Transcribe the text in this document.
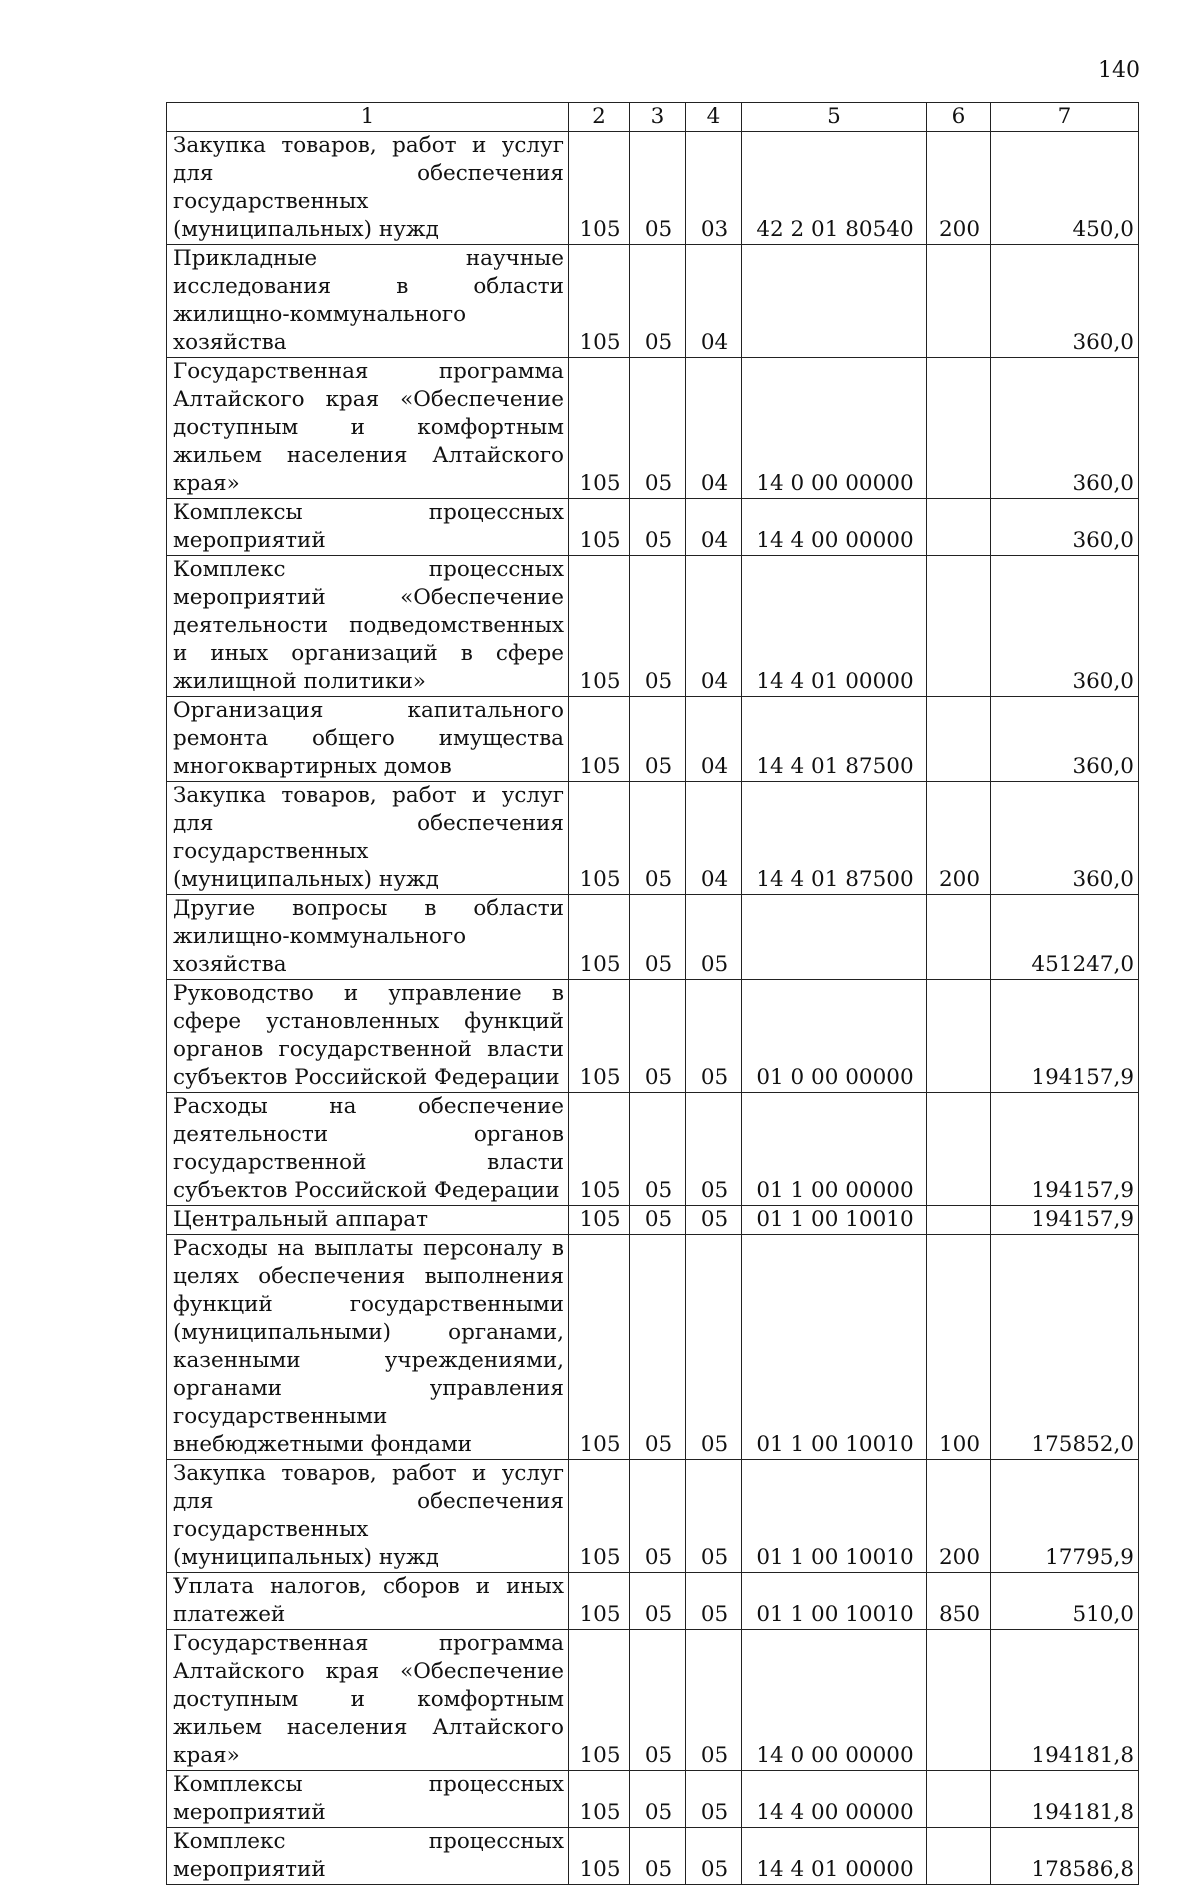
140
1	2	3	4	5	6	7
Закупка товаров, работ и услуг для обеспечения государственных (муниципальных) нужд	105	05	03	42 2 01 80540	200	450,0
Прикладные научные исследования в области жилищно-коммунального хозяйства	105	05	04			360,0
Государственная программа Алтайского края «Обеспечение доступным и комфортным жильем населения Алтайского края»	105	05	04	14 0 00 00000		360,0
Комплексы процессных мероприятий	105	05	04	14 4 00 00000		360,0
Комплекс процессных мероприятий «Обеспечение деятельности подведомственных и иных организаций в сфере жилищной политики»	105	05	04	14 4 01 00000		360,0
Организация капитального ремонта общего имущества многоквартирных домов	105	05	04	14 4 01 87500		360,0
Закупка товаров, работ и услуг для обеспечения государственных (муниципальных) нужд	105	05	04	14 4 01 87500	200	360,0
Другие вопросы в области жилищно-коммунального хозяйства	105	05	05			451247,0
Руководство и управление в сфере установленных функций органов государственной власти субъектов Российской Федерации	105	05	05	01 0 00 00000		194157,9
Расходы на обеспечение деятельности органов государственной власти субъектов Российской Федерации	105	05	05	01 1 00 00000		194157,9
Центральный аппарат	105	05	05	01 1 00 10010		194157,9
Расходы на выплаты персоналу в целях обеспечения выполнения функций государственными (муниципальными) органами, казенными учреждениями, органами управления государственными внебюджетными фондами	105	05	05	01 1 00 10010	100	175852,0
Закупка товаров, работ и услуг для обеспечения государственных (муниципальных) нужд	105	05	05	01 1 00 10010	200	17795,9
Уплата налогов, сборов и иных платежей	105	05	05	01 1 00 10010	850	510,0
Государственная программа Алтайского края «Обеспечение доступным и комфортным жильем населения Алтайского края»	105	05	05	14 0 00 00000		194181,8
Комплексы процессных мероприятий	105	05	05	14 4 00 00000		194181,8
Комплекс процессных мероприятий	105	05	05	14 4 01 00000		178586,8
